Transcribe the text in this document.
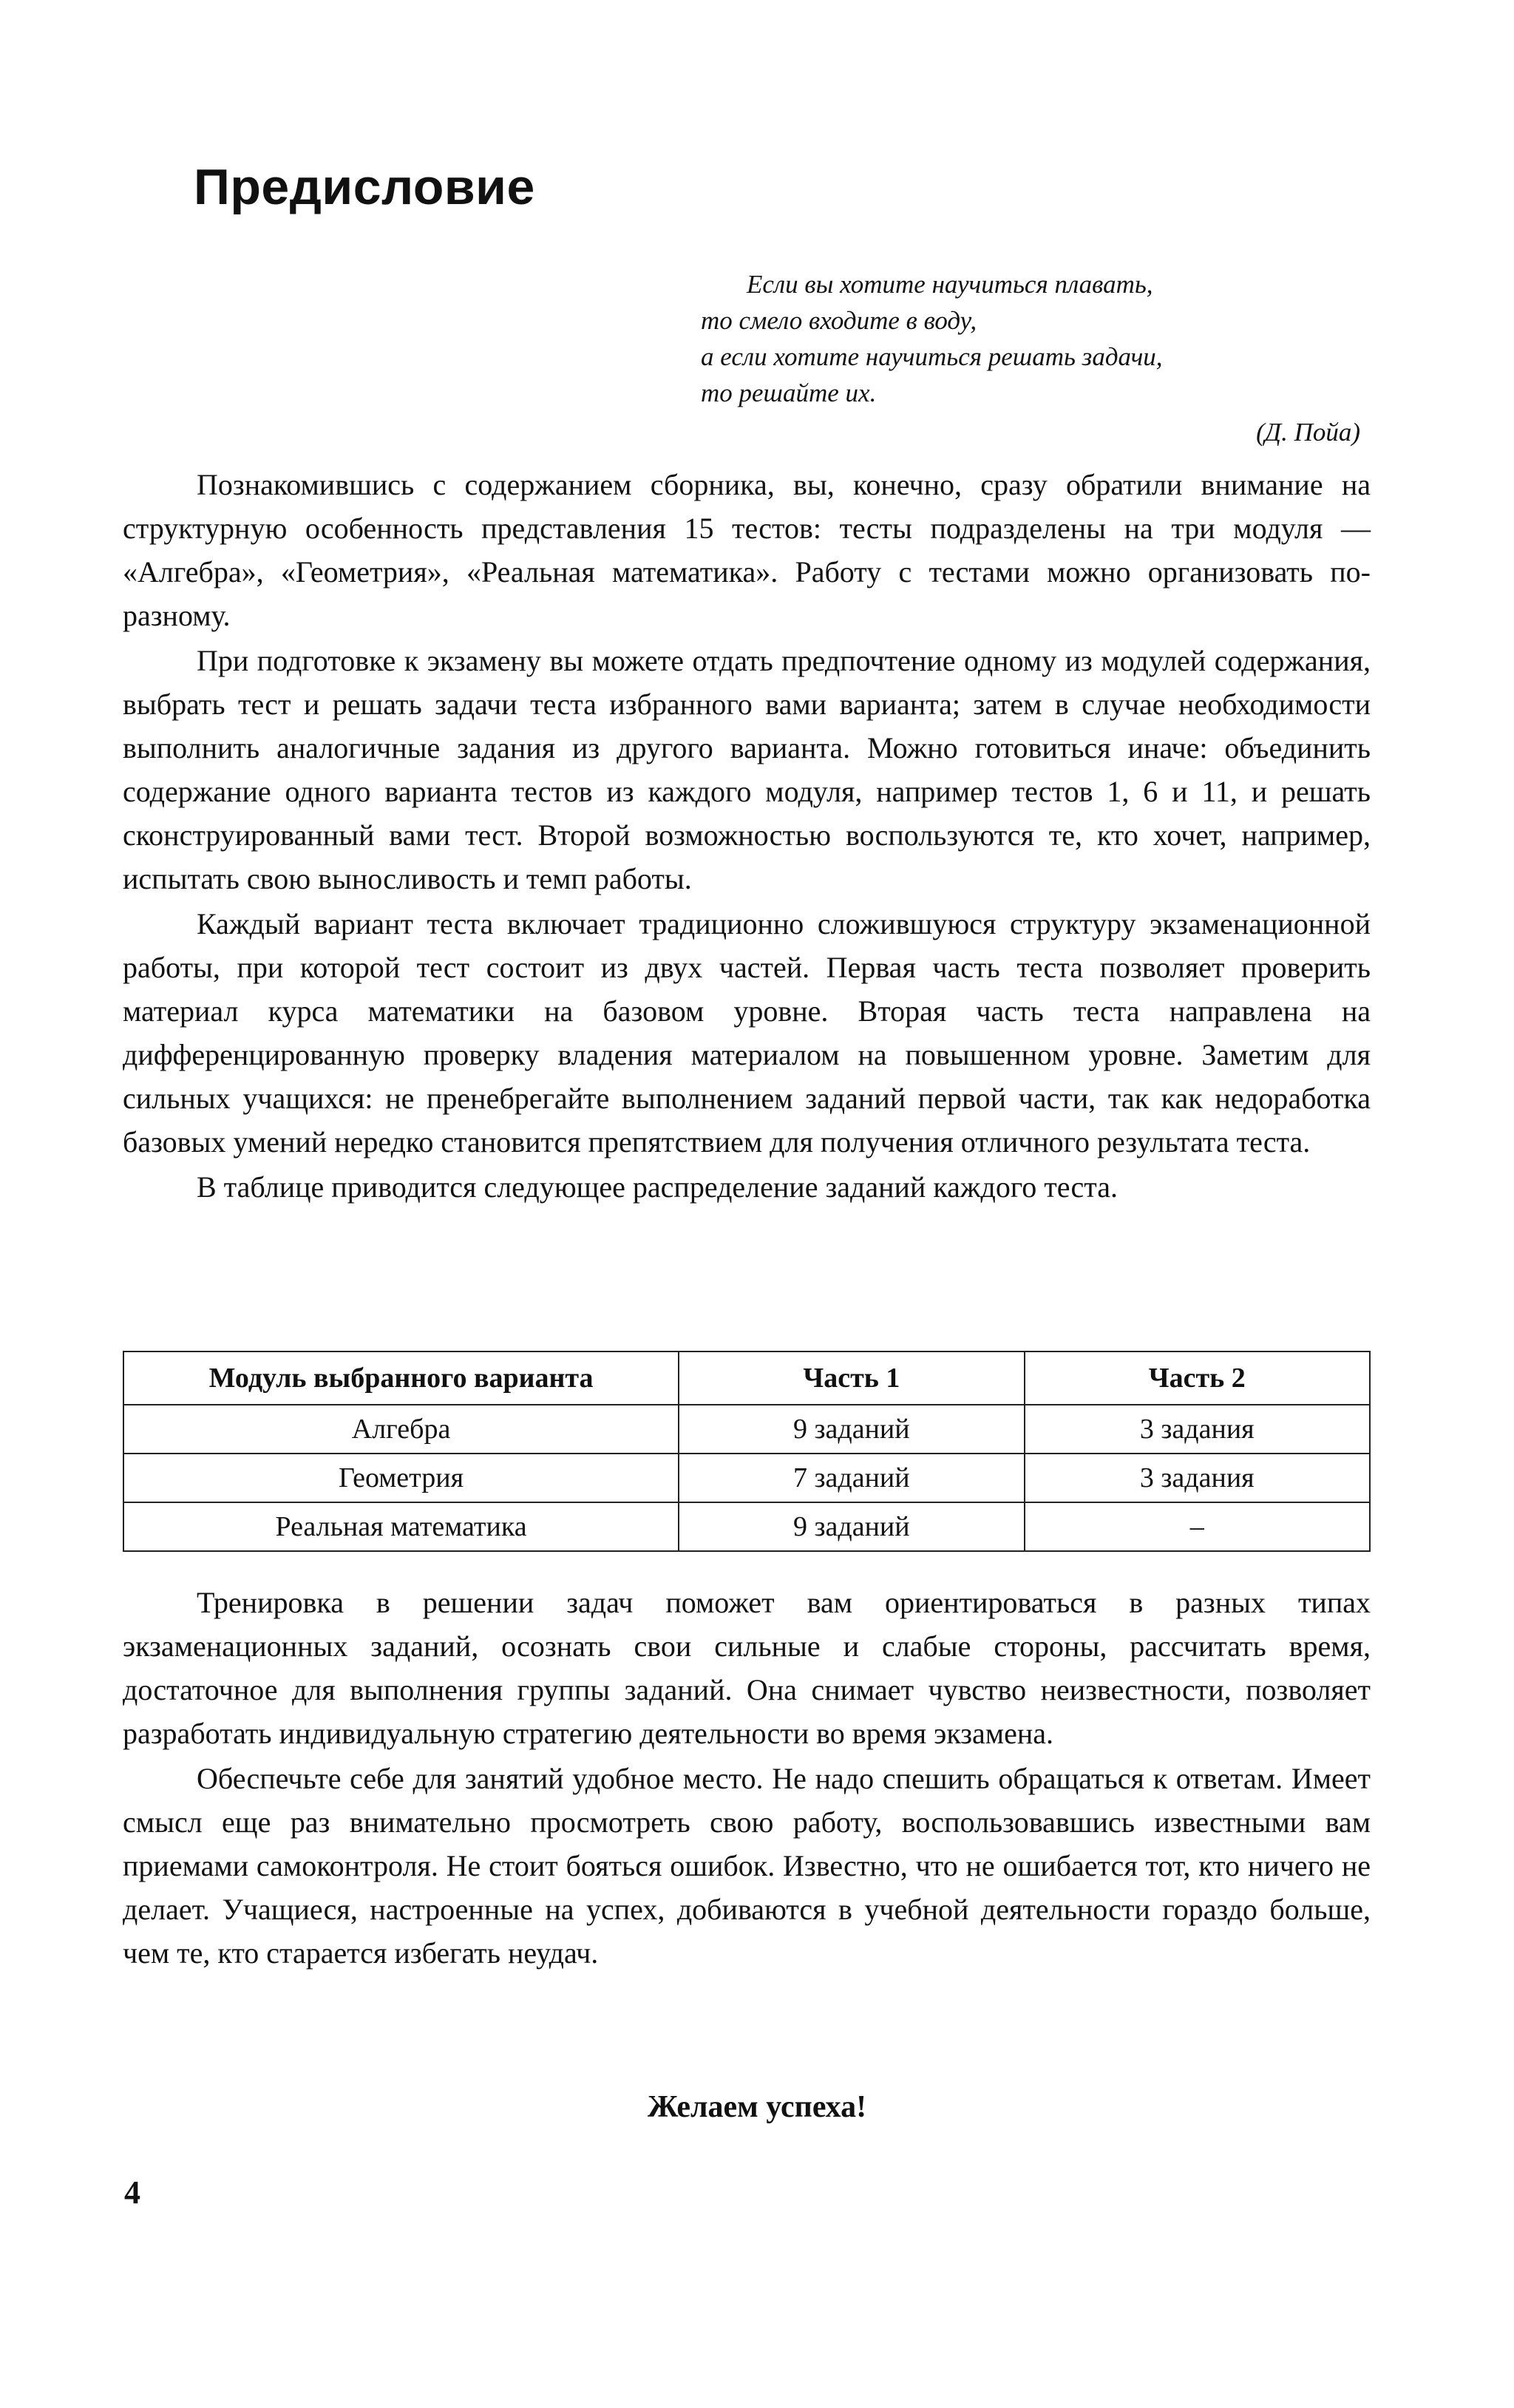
Предисловие
Если вы хотите научиться плавать,
то смело входите в воду,
а если хотите научиться решать задачи,
то решайте их.
(Д. Пойа)

Познакомившись с содержанием сборника, вы, конечно, сразу обратили внимание на структурную особенность представления 15 тестов: тесты подразделены на три модуля — «Алгебра», «Геометрия», «Реальная математика». Работу с тестами можно организовать по-разному.

При подготовке к экзамену вы можете отдать предпочтение одному из модулей содержания, выбрать тест и решать задачи теста избранного вами варианта; затем в случае необходимости выполнить аналогичные задания из другого варианта. Можно готовиться иначе: объединить содержание одного варианта тестов из каждого модуля, например тестов 1, 6 и 11, и решать сконструированный вами тест. Второй возможностью воспользуются те, кто хочет, например, испытать свою выносливость и темп работы.

Каждый вариант теста включает традиционно сложившуюся структуру экзаменационной работы, при которой тест состоит из двух частей. Первая часть теста позволяет проверить материал курса математики на базовом уровне. Вторая часть теста направлена на дифференцированную проверку владения материалом на повышенном уровне. Заметим для сильных учащихся: не пренебрегайте выполнением заданий первой части, так как недоработка базовых умений нередко становится препятствием для получения отличного результата теста.

В таблице приводится следующее распределение заданий каждого теста.

Модуль выбранного варианта	Часть 1	Часть 2
Алгебра	9 заданий	3 задания
Геометрия	7 заданий	3 задания
Реальная математика	9 заданий	–

Тренировка в решении задач поможет вам ориентироваться в разных типах экзаменационных заданий, осознать свои сильные и слабые стороны, рассчитать время, достаточное для выполнения группы заданий. Она снимает чувство неизвестности, позволяет разработать индивидуальную стратегию деятельности во время экзамена.

Обеспечьте себе для занятий удобное место. Не надо спешить обращаться к ответам. Имеет смысл еще раз внимательно просмотреть свою работу, воспользовавшись известными вам приемами самоконтроля. Не стоит бояться ошибок. Известно, что не ошибается тот, кто ничего не делает. Учащиеся, настроенные на успех, добиваются в учебной деятельности гораздо больше, чем те, кто старается избегать неудач.

Желаем успеха!
4
